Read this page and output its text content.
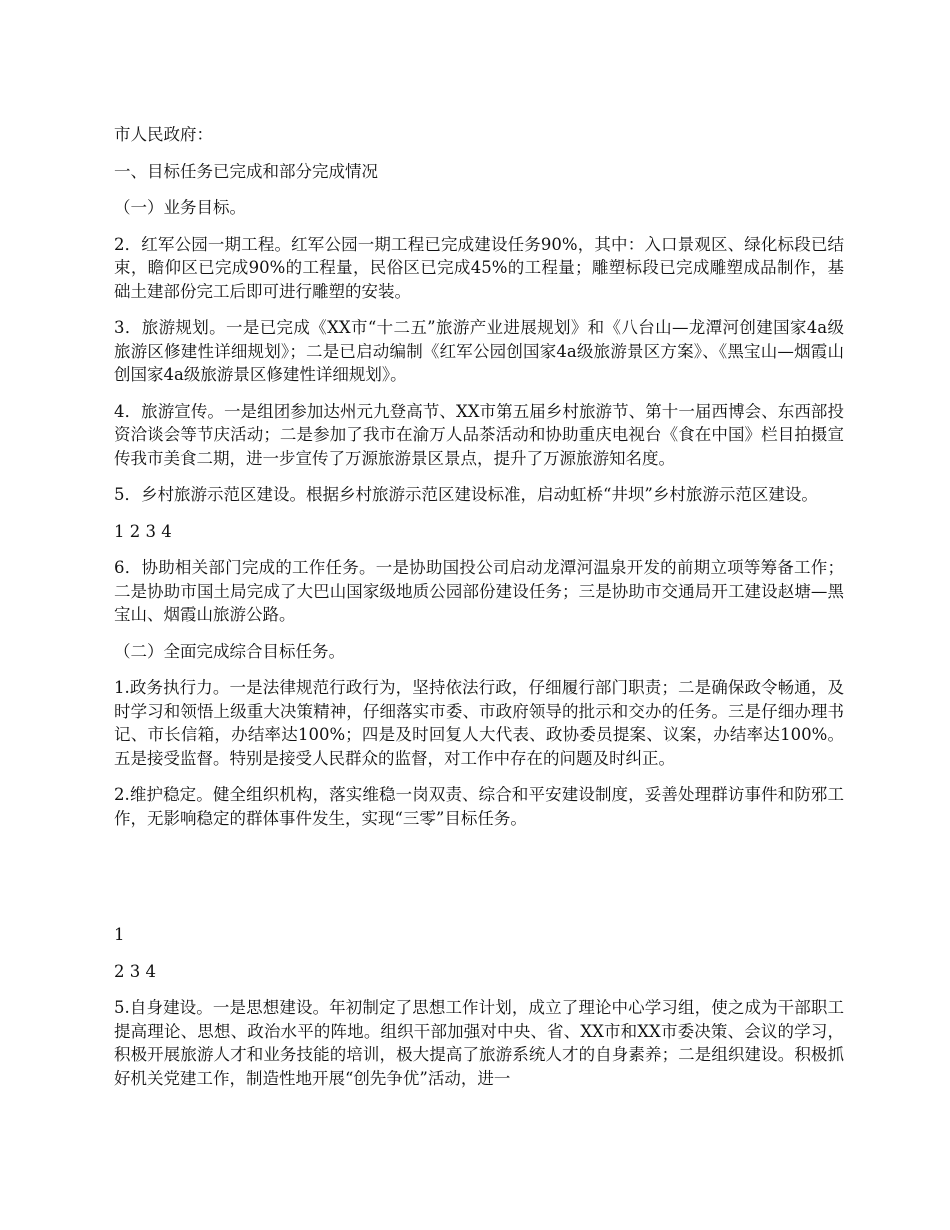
市人民政府：

一、目标任务已完成和部分完成情况

（一）业务目标。

2．红军公园一期工程。红军公园一期工程已完成建设任务90%，其中：入口景观区、绿化标段已结束，瞻仰区已完成90%的工程量，民俗区已完成45%的工程量；雕塑标段已完成雕塑成品制作，基础土建部份完工后即可进行雕塑的安装。

3．旅游规划。一是已完成《XX市“十二五”旅游产业进展规划》和《八台山—龙潭河创建国家4a级旅游区修建性详细规划》；二是已启动编制《红军公园创国家4a级旅游景区方案》、《黑宝山—烟霞山创国家4a级旅游景区修建性详细规划》。

4．旅游宣传。一是组团参加达州元九登高节、XX市第五届乡村旅游节、第十一届西博会、东西部投资洽谈会等节庆活动；二是参加了我市在渝万人品茶活动和协助重庆电视台《食在中国》栏目拍摄宣传我市美食二期，进一步宣传了万源旅游景区景点，提升了万源旅游知名度。

5．乡村旅游示范区建设。根据乡村旅游示范区建设标准，启动虹桥“井坝”乡村旅游示范区建设。

1 2 3 4

6．协助相关部门完成的工作任务。一是协助国投公司启动龙潭河温泉开发的前期立项等筹备工作；二是协助市国土局完成了大巴山国家级地质公园部份建设任务；三是协助市交通局开工建设赵塘—黑宝山、烟霞山旅游公路。

（二）全面完成综合目标任务。

1.政务执行力。一是法律规范行政行为，坚持依法行政，仔细履行部门职责；二是确保政令畅通，及时学习和领悟上级重大决策精神，仔细落实市委、市政府领导的批示和交办的任务。三是仔细办理书记、市长信箱，办结率达100%；四是及时回复人大代表、政协委员提案、议案，办结率达100%。五是接受监督。特别是接受人民群众的监督，对工作中存在的问题及时纠正。

2.维护稳定。健全组织机构，落实维稳一岗双责、综合和平安建设制度，妥善处理群访事件和防邪工作，无影响稳定的群体事件发生，实现“三零”目标任务。

1

2 3 4

5.自身建设。一是思想建设。年初制定了思想工作计划，成立了理论中心学习组，使之成为干部职工提高理论、思想、政治水平的阵地。组织干部加强对中央、省、XX市和XX市委决策、会议的学习，积极开展旅游人才和业务技能的培训，极大提高了旅游系统人才的自身素养；二是组织建设。积极抓好机关党建工作，制造性地开展“创先争优”活动，进一
